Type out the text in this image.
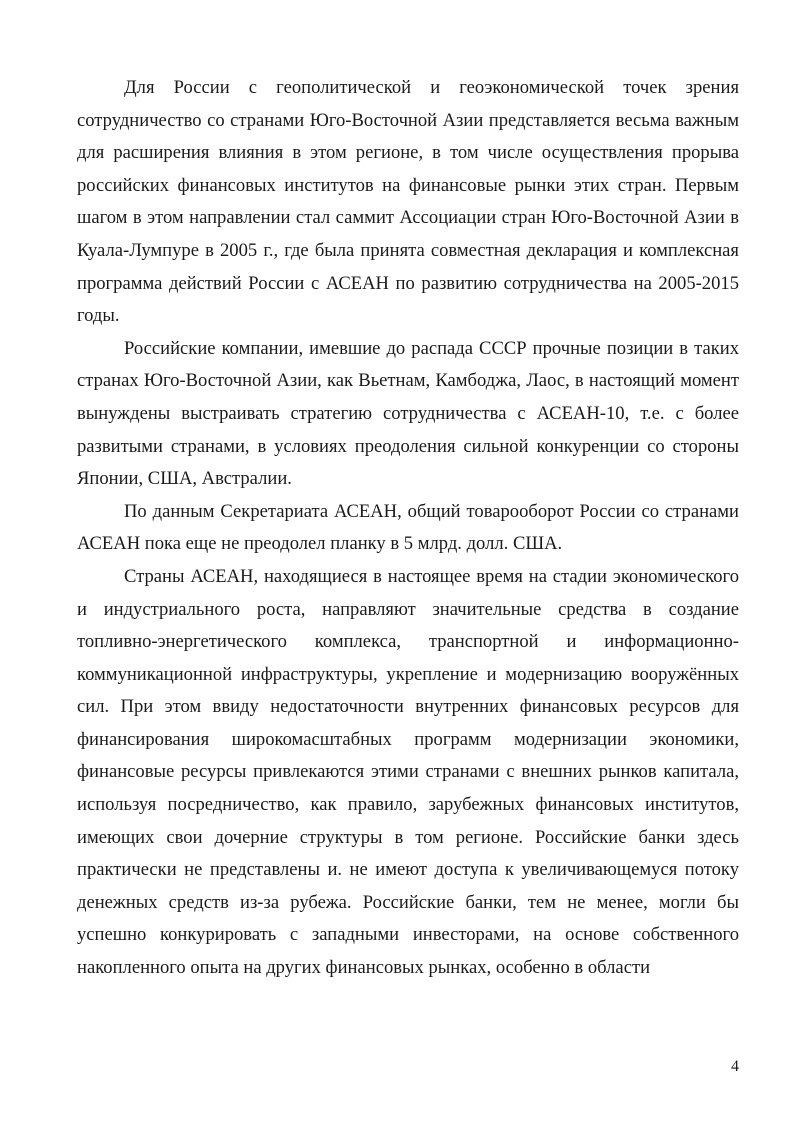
Для России с геополитической и геоэкономической точек зрения сотрудничество со странами Юго-Восточной Азии представляется весьма важным для расширения влияния в этом регионе, в том числе осуществления прорыва российских финансовых институтов на финансовые рынки этих стран. Первым шагом в этом направлении стал саммит Ассоциации стран Юго-Восточной Азии в Куала-Лумпуре в 2005 г., где была принята совместная декларация и комплексная программа действий России с АСЕАН по развитию сотрудничества на 2005-2015 годы.

Российские компании, имевшие до распада СССР прочные позиции в таких странах Юго-Восточной Азии, как Вьетнам, Камбоджа, Лаос, в настоящий момент вынуждены выстраивать стратегию сотрудничества с АСЕАН-10, т.е. с более развитыми странами, в условиях преодоления сильной конкуренции со стороны Японии, США, Австралии.

По данным Секретариата АСЕАН, общий товарооборот России со странами АСЕАН пока еще не преодолел планку в 5 млрд. долл. США.

Страны АСЕАН, находящиеся в настоящее время на стадии экономического и индустриального роста, направляют значительные средства в создание топливно-энергетического комплекса, транспортной и информационно-коммуникационной инфраструктуры, укрепление и модернизацию вооружённых сил. При этом ввиду недостаточности внутренних финансовых ресурсов для финансирования широкомасштабных программ модернизации экономики, финансовые ресурсы привлекаются этими странами с внешних рынков капитала, используя посредничество, как правило, зарубежных финансовых институтов, имеющих свои дочерние структуры в том регионе. Российские банки здесь практически не представлены и. не имеют доступа к увеличивающемуся потоку денежных средств из-за рубежа. Российские банки, тем не менее, могли бы успешно конкурировать с западными инвесторами, на основе собственного накопленного опыта на других финансовых рынках, особенно в области

4
